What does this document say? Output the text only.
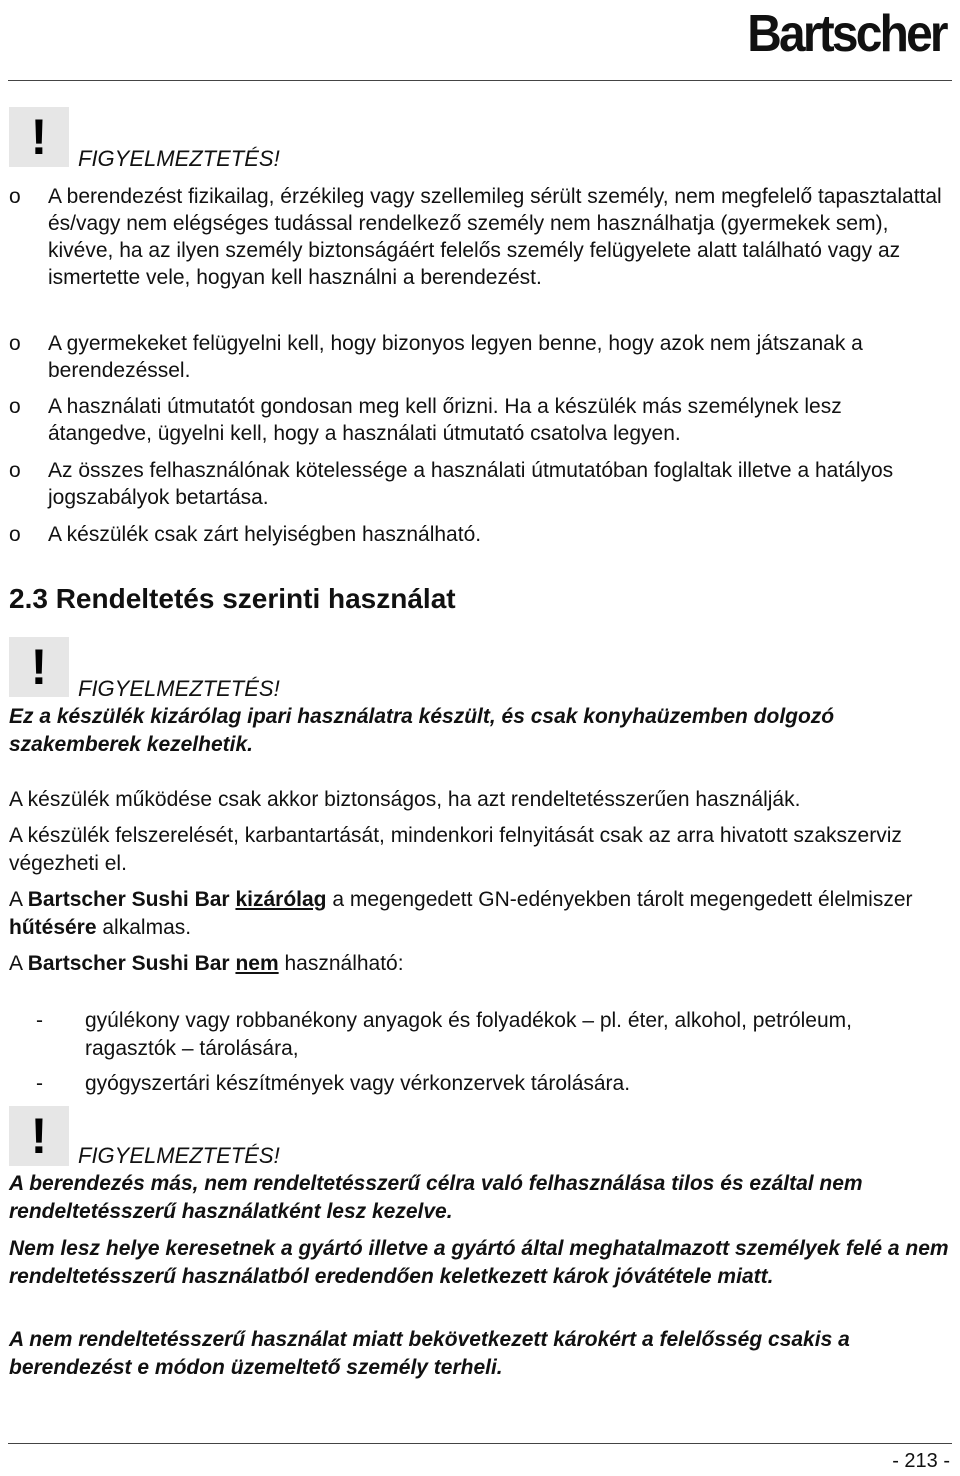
Bartscher
! FIGYELMEZTETÉS!
o A berendezést fizikailag, érzékileg vagy szellemileg sérült személy, nem megfelelő tapasztalattal és/vagy nem elégséges tudással rendelkező személy nem használhatja (gyermekek sem), kivéve, ha az ilyen személy biztonságáért felelős személy felügyelete alatt található vagy az ismertette vele, hogyan kell használni a berendezést.
o A gyermekeket felügyelni kell, hogy bizonyos legyen benne, hogy azok nem játszanak a berendezéssel.
o A használati útmutatót gondosan meg kell őrizni. Ha a készülék más személynek lesz átangedve, ügyelni kell, hogy a használati útmutató csatolva legyen.
o Az összes felhasználónak kötelessége a használati útmutatóban foglaltak illetve a hatályos jogszabályok betartása.
o A készülék csak zárt helyiségben használható.
2.3 Rendeltetés szerinti használat
! FIGYELMEZTETÉS!
Ez a készülék kizárólag ipari használatra készült, és csak konyhaüzemben dolgozó szakemberek kezelhetik.
A készülék működése csak akkor biztonságos, ha azt rendeltetésszerűen használják.
A készülék felszerelését, karbantartását, mindenkori felnyitását csak az arra hivatott szakszerviz végezheti el.
A Bartscher Sushi Bar kizárólag a megengedett GN-edényekben tárolt megengedett élelmiszer hűtésére alkalmas.
A Bartscher Sushi Bar nem használható:
- gyúlékony vagy robbanékony anyagok és folyadékok – pl. éter, alkohol, petróleum, ragasztók – tárolására,
- gyógyszertári készítmények vagy vérkonzervek tárolására.
! FIGYELMEZTETÉS!
A berendezés más, nem rendeltetésszerű célra való felhasználása tilos és ezáltal nem rendeltetésszerű használatként lesz kezelve.
Nem lesz helye keresetnek a gyártó illetve a gyártó által meghatalmazott személyek felé a nem rendeltetésszerű használatból eredendően keletkezett károk jóvátétele miatt.
A nem rendeltetésszerű használat miatt bekövetkezett károkért a felelősség csakis a berendezést e módon üzemeltető személy terheli.
- 213 -
